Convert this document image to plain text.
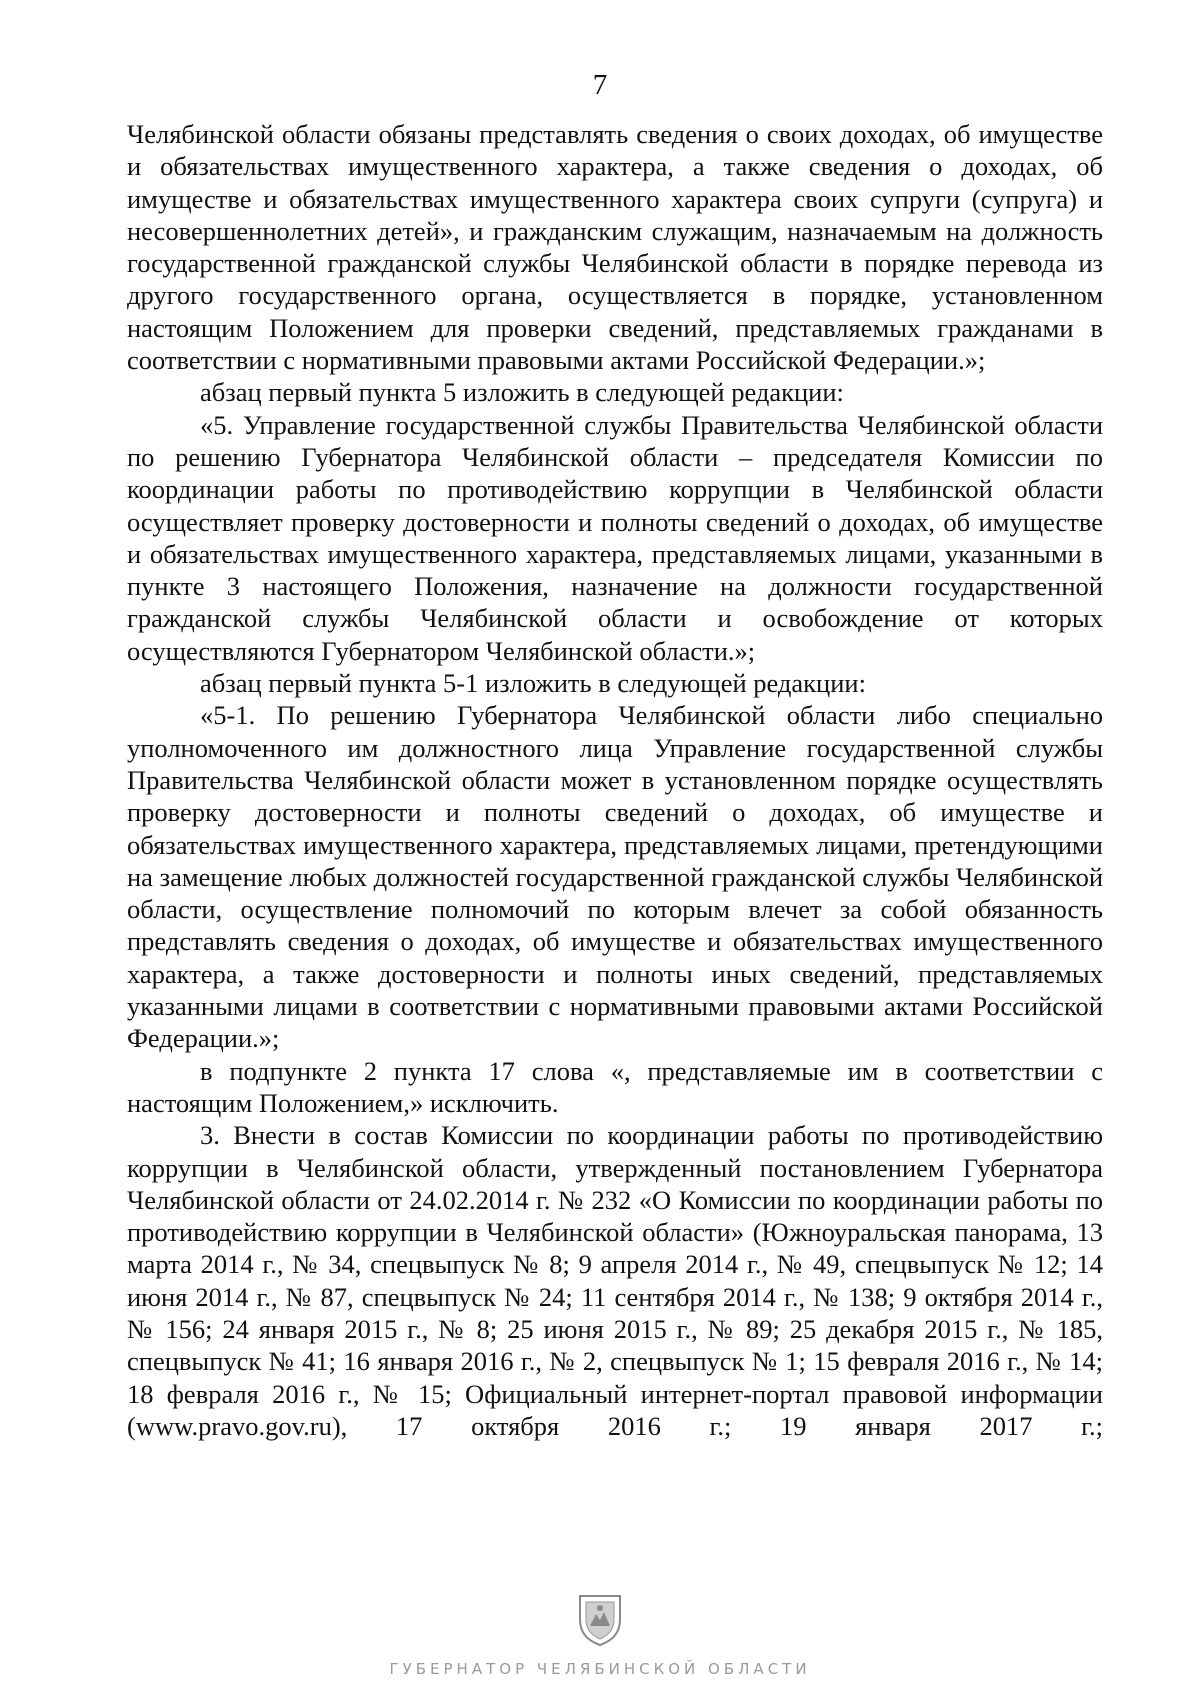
7

Челябинской области обязаны представлять сведения о своих доходах, об имуществе и обязательствах имущественного характера, а также сведения о доходах, об имуществе и обязательствах имущественного характера своих супруги (супруга) и несовершеннолетних детей», и гражданским служащим, назначаемым на должность государственной гражданской службы Челябинской области в порядке перевода из другого государственного органа, осуществляется в порядке, установленном настоящим Положением для проверки сведений, представляемых гражданами в соответствии с нормативными правовыми актами Российской Федерации.»;

абзац первый пункта 5 изложить в следующей редакции:

«5. Управление государственной службы Правительства Челябинской области по решению Губернатора Челябинской области – председателя Комиссии по координации работы по противодействию коррупции в Челябинской области осуществляет проверку достоверности и полноты сведений о доходах, об имуществе и обязательствах имущественного характера, представляемых лицами, указанными в пункте 3 настоящего Положения, назначение на должности государственной гражданской службы Челябинской области и освобождение от которых осуществляются Губернатором Челябинской области.»;

абзац первый пункта 5-1 изложить в следующей редакции:

«5-1. По решению Губернатора Челябинской области либо специально уполномоченного им должностного лица Управление государственной службы Правительства Челябинской области может в установленном порядке осуществлять проверку достоверности и полноты сведений о доходах, об имуществе и обязательствах имущественного характера, представляемых лицами, претендующими на замещение любых должностей государственной гражданской службы Челябинской области, осуществление полномочий по которым влечет за собой обязанность представлять сведения о доходах, об имуществе и обязательствах имущественного характера, а также достоверности и полноты иных сведений, представляемых указанными лицами в соответствии с нормативными правовыми актами Российской Федерации.»;

в подпункте 2 пункта 17 слова «, представляемые им в соответствии с настоящим Положением,» исключить.

3. Внести в состав Комиссии по координации работы по противодействию коррупции в Челябинской области, утвержденный постановлением Губернатора Челябинской области от 24.02.2014 г. № 232 «О Комиссии по координации работы по противодействию коррупции в Челябинской области» (Южноуральская панорама, 13 марта 2014 г., № 34, спецвыпуск № 8; 9 апреля 2014 г., № 49, спецвыпуск № 12; 14 июня 2014 г., № 87, спецвыпуск № 24; 11 сентября 2014 г., № 138; 9 октября 2014 г., № 156; 24 января 2015 г., № 8; 25 июня 2015 г., № 89; 25 декабря 2015 г., № 185, спецвыпуск № 41; 16 января 2016 г., № 2, спецвыпуск № 1; 15 февраля 2016 г., № 14; 18 февраля 2016 г., № 15; Официальный интернет-портал правовой информации (www.pravo.gov.ru), 17 октября 2016 г.; 19 января 2017 г.;

ГУБЕРНАТОР ЧЕЛЯБИНСКОЙ ОБЛАСТИ
